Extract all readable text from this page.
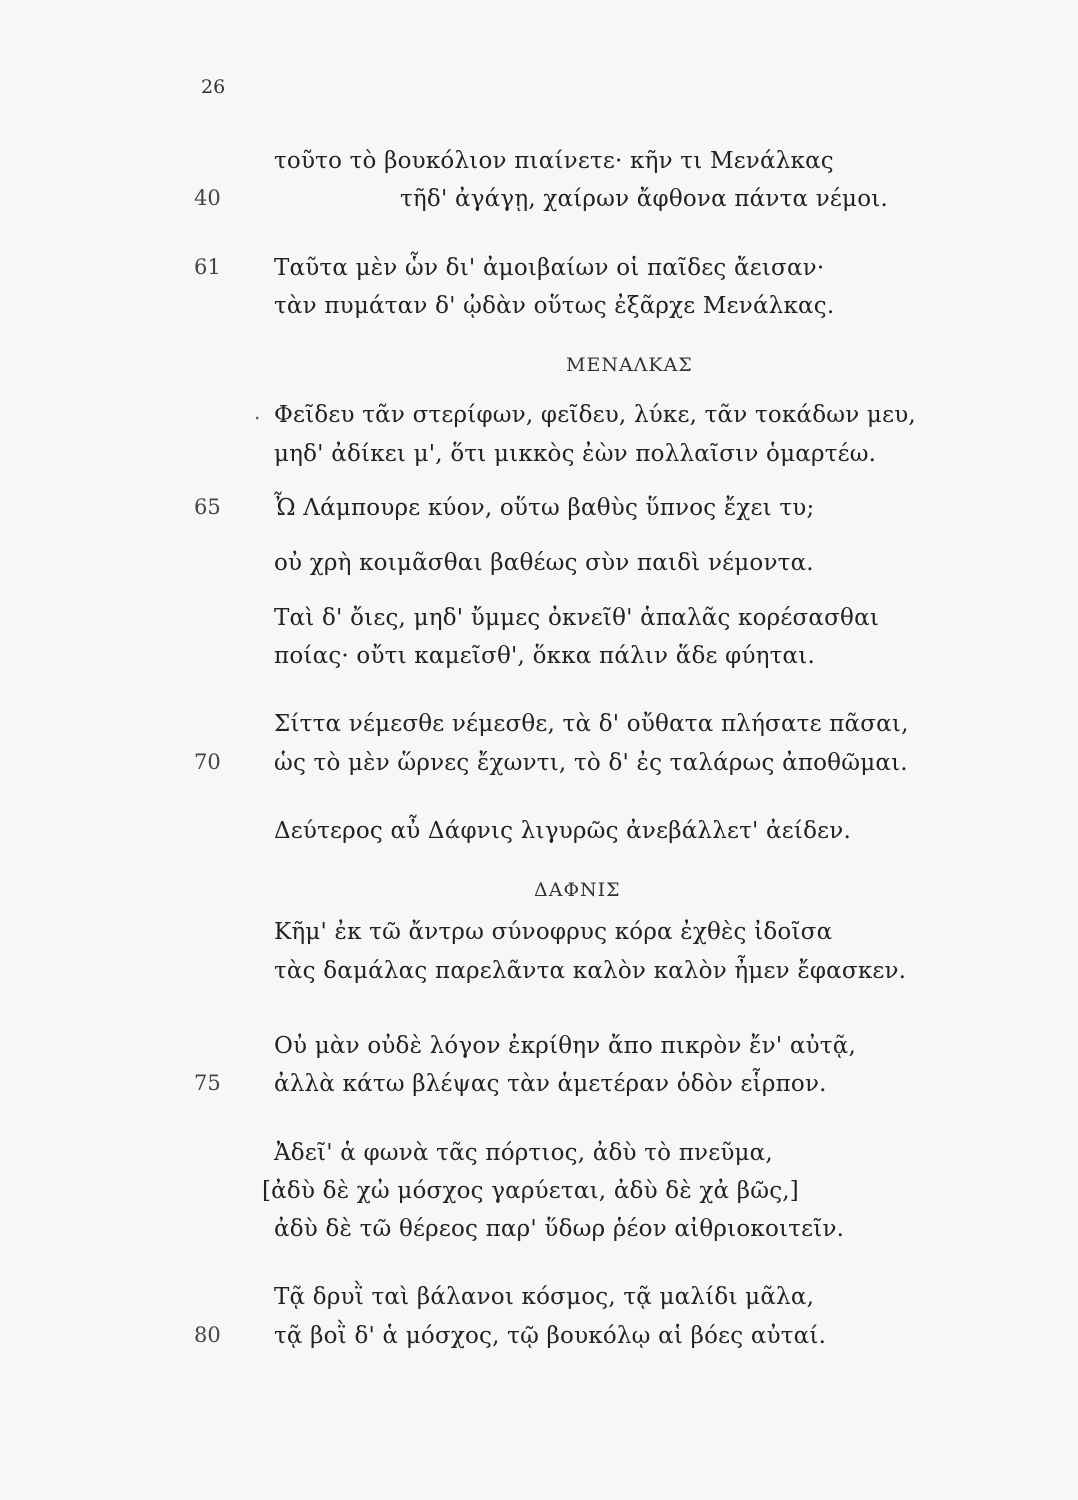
26
40
61
65
70
75
80
.
ΜΕΝΑΛΚΑΣ
ΔΑΦΝΙΣ
τοῦτο τὸ βουκόλιον πιαίνετε· κῆν τι Μενάλκας
τῆδ' ἀγάγῃ, χαίρων ἄφθονα πάντα νέμοι.
Ταῦτα μὲν ὧν δι' ἀμοιβαίων οἱ παῖδες ἄεισαν·
τὰν πυμάταν δ' ᾠδὰν οὕτως ἐξᾶρχε Μενάλκας.
Φεῖδευ τᾶν στερίφων, φεῖδευ, λύκε, τᾶν τοκάδων μευ,
μηδ' ἀδίκει μ', ὅτι μικκὸς ἐὼν πολλαῖσιν ὁμαρτέω.
Ὦ Λάμπουρε κύον, οὕτω βαθὺς ὕπνος ἔχει τυ;
οὐ χρὴ κοιμᾶσθαι βαθέως σὺν παιδὶ νέμοντα.
Ταὶ δ' ὄιες, μηδ' ὔμμες ὀκνεῖθ' ἁπαλᾶς κορέσασθαι
ποίας· οὔτι καμεῖσθ', ὅκκα πάλιν ἅδε φύηται.
Σίττα νέμεσθε νέμεσθε, τὰ δ' οὔθατα πλήσατε πᾶσαι,
ὡς τὸ μὲν ὥρνες ἔχωντι, τὸ δ' ἐς ταλάρως ἀποθῶμαι.
Δεύτερος αὖ Δάφνις λιγυρῶς ἀνεβάλλετ' ἀείδεν.
Κῆμ' ἐκ τῶ ἄντρω σύνοφρυς κόρα ἐχθὲς ἰδοῖσα
τὰς δαμάλας παρελᾶντα καλὸν καλὸν ἦμεν ἔφασκεν.
Οὐ μὰν οὐδὲ λόγον ἐκρίθην ἄπο πικρὸν ἔν' αὐτᾷ,
ἀλλὰ κάτω βλέψας τὰν ἁμετέραν ὁδὸν εἷρπον.
Ἀδεῖ' ἁ φωνὰ τᾶς πόρτιος, ἀδὺ τὸ πνεῦμα,
[ἀδὺ δὲ χὠ μόσχος γαρύεται, ἀδὺ δὲ χἀ βῶς,]
ἀδὺ δὲ τῶ θέρεος παρ' ὕδωρ ῥέον αἰθριοκοιτεῖν.
Τᾷ δρυῒ ταὶ βάλανοι κόσμος, τᾷ μαλίδι μᾶλα,
τᾷ βοῒ δ' ἁ μόσχος, τῷ βουκόλῳ αἱ βόες αὐταί.
